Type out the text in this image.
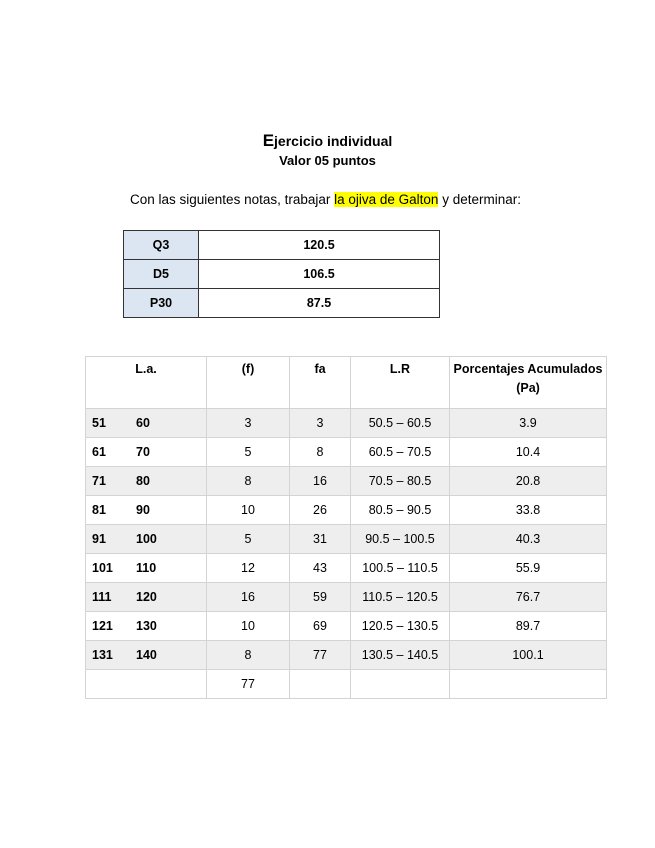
Ejercicio individual
Valor 05 puntos
Con las siguientes notas, trabajar la ojiva de Galton y determinar:
Q3	120.5
D5	106.5
P30	87.5
L.a.	(f)	fa	L.R	Porcentajes Acumulados (Pa)
51 60	3	3	50.5 – 60.5	3.9
61 70	5	8	60.5 – 70.5	10.4
71 80	8	16	70.5 – 80.5	20.8
81 90	10	26	80.5 – 90.5	33.8
91 100	5	31	90.5 – 100.5	40.3
101 110	12	43	100.5 – 110.5	55.9
111 120	16	59	110.5 – 120.5	76.7
121 130	10	69	120.5 – 130.5	89.7
131 140	8	77	130.5 – 140.5	100.1
	77			
